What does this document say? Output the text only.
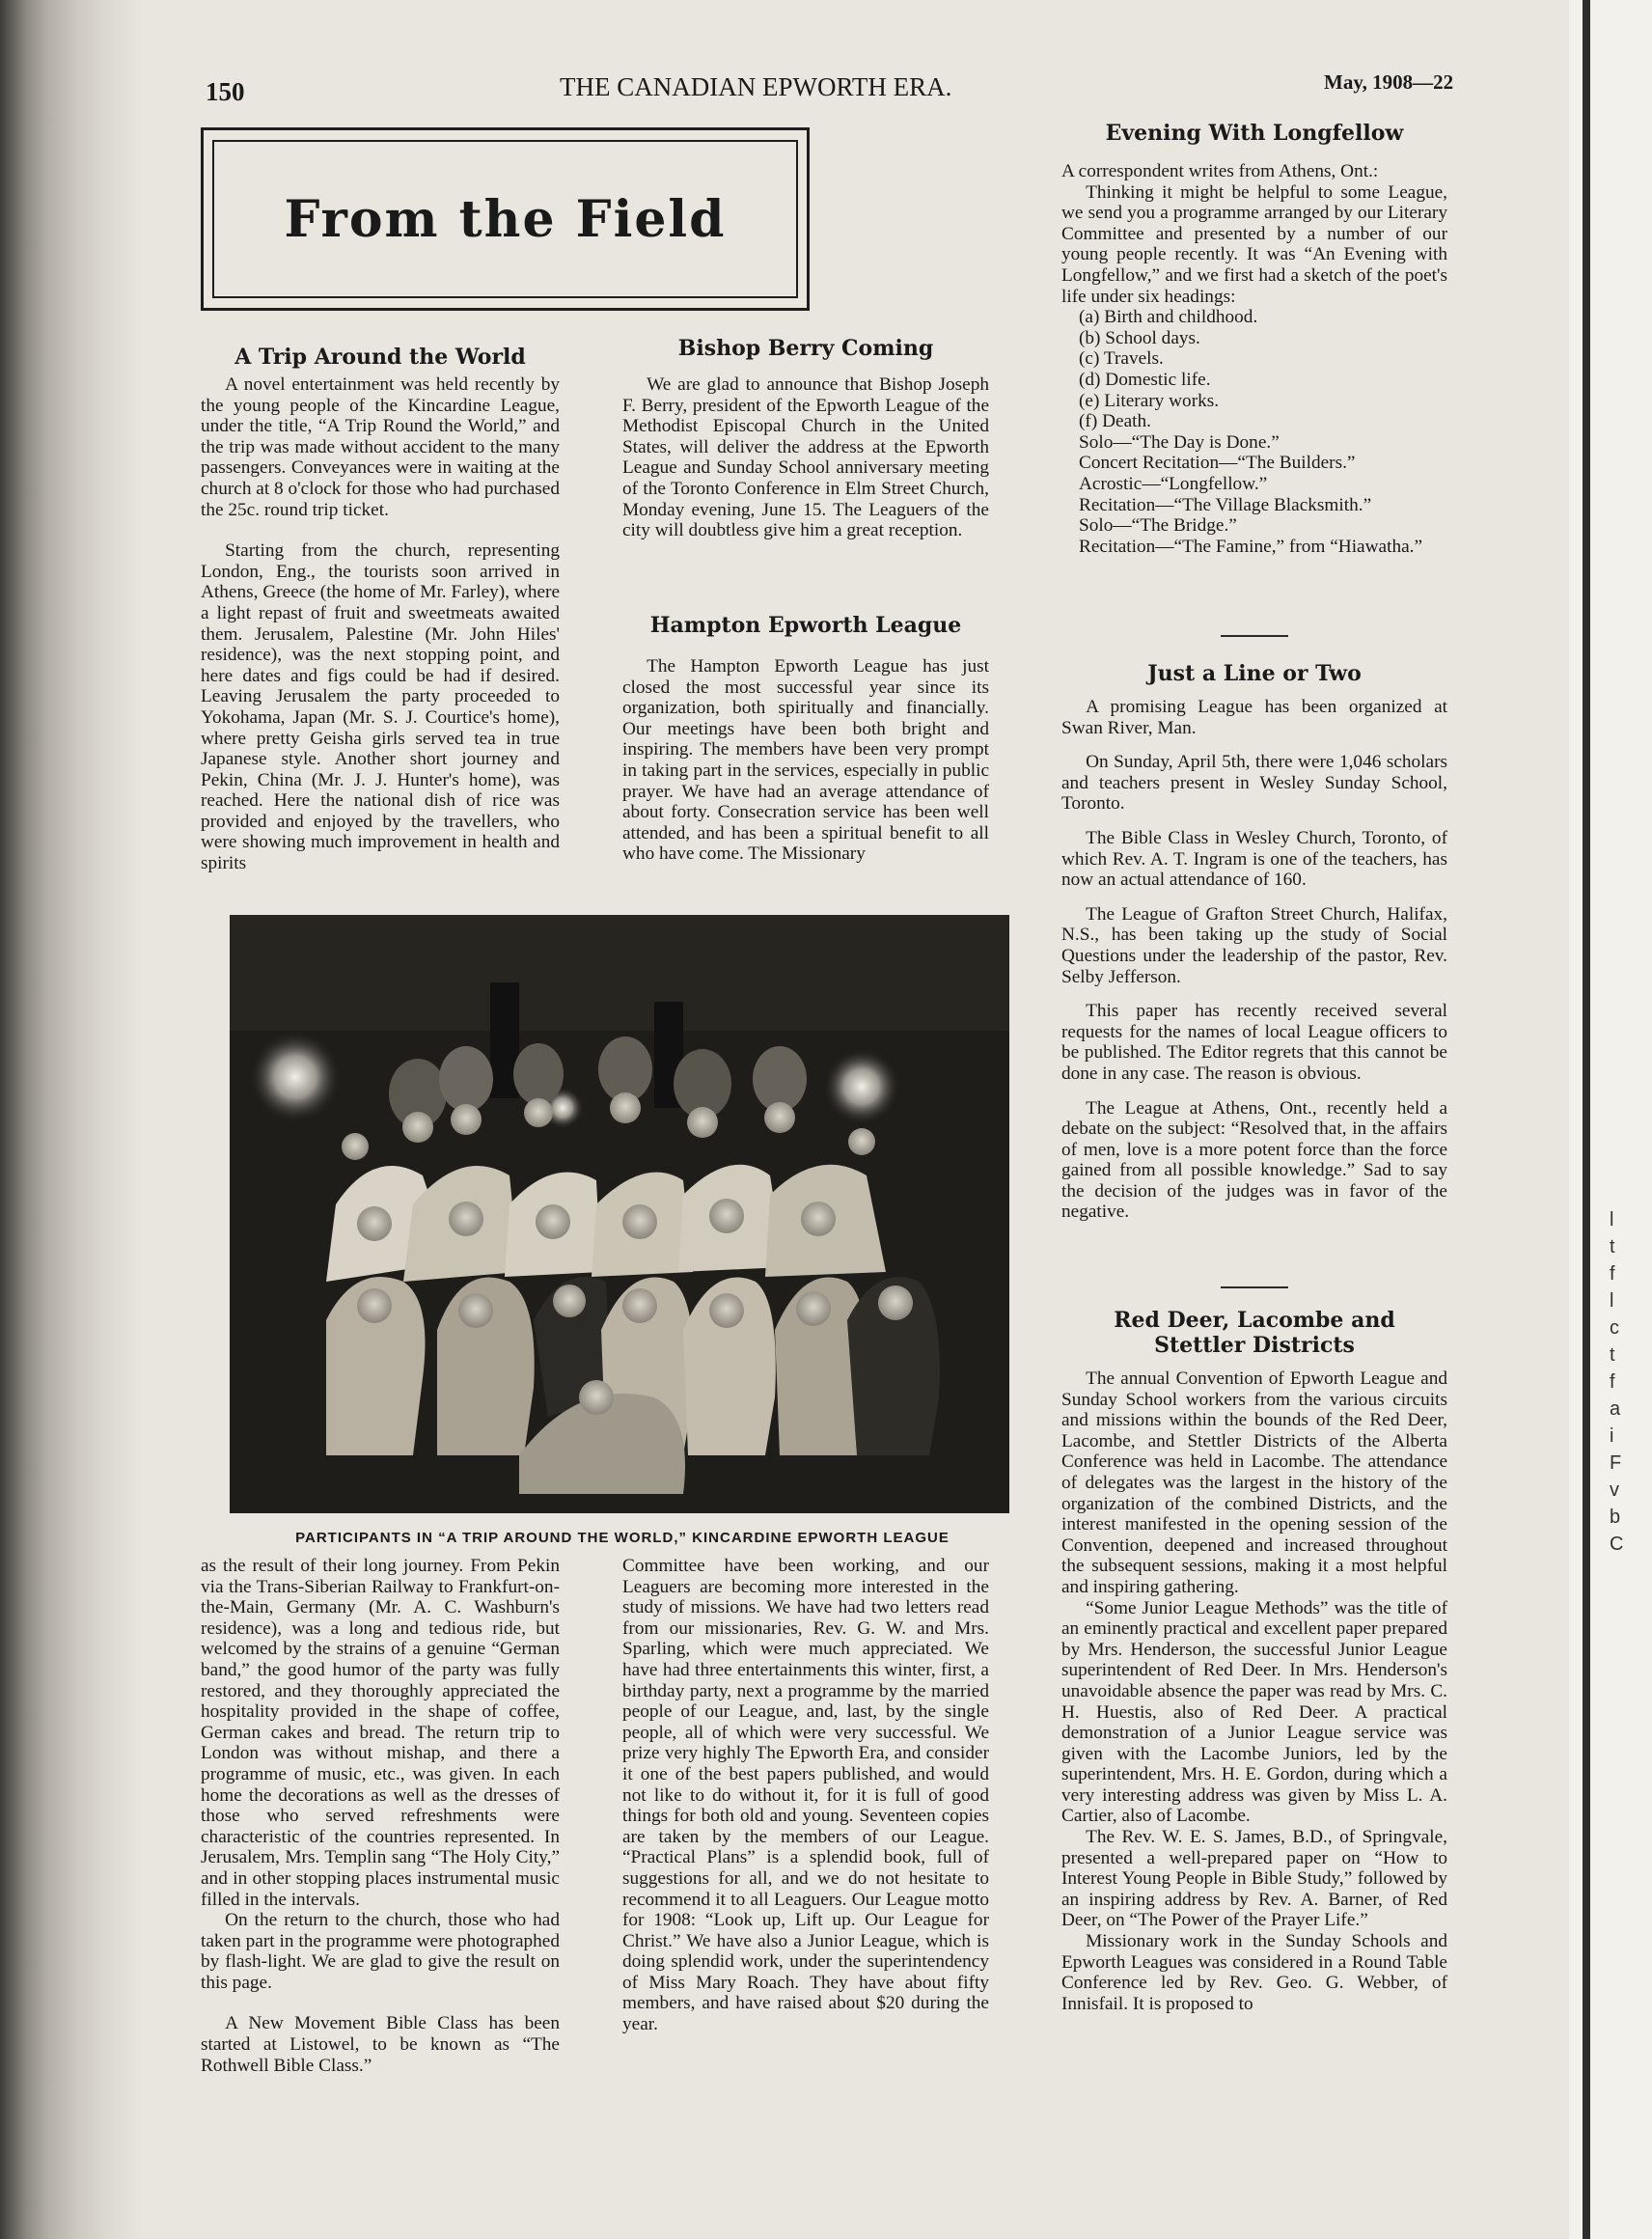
l
t
f
l
c
t
f
a
i
F
v
b
C
150	THE CANADIAN EPWORTH ERA.	May, 1908—22
From the Field
A Trip Around the World

A novel entertainment was held recently by the young people of the Kincardine League, under the title, “A Trip Round the World,” and the trip was made without accident to the many passengers. Conveyances were in waiting at the church at 8 o'clock for those who had purchased the 25c. round trip ticket.

Starting from the church, representing London, Eng., the tourists soon arrived in Athens, Greece (the home of Mr. Farley), where a light repast of fruit and sweetmeats awaited them. Jerusalem, Palestine (Mr. John Hiles' residence), was the next stopping point, and here dates and figs could be had if desired. Leaving Jerusalem the party proceeded to Yokohama, Japan (Mr. S. J. Courtice's home), where pretty Geisha girls served tea in true Japanese style. Another short journey and Pekin, China (Mr. J. J. Hunter's home), was reached. Here the national dish of rice was provided and enjoyed by the travellers, who were showing much improvement in health and spirits

Bishop Berry Coming

We are glad to announce that Bishop Joseph F. Berry, president of the Epworth League of the Methodist Episcopal Church in the United States, will deliver the address at the Epworth League and Sunday School anniversary meeting of the Toronto Conference in Elm Street Church, Monday evening, June 15. The Leaguers of the city will doubtless give him a great reception.

Hampton Epworth League

The Hampton Epworth League has just closed the most successful year since its organization, both spiritually and financially. Our meetings have been both bright and inspiring. The members have been very prompt in taking part in the services, especially in public prayer. We have had an average attendance of about forty. Consecration service has been well attended, and has been a spiritual benefit to all who have come. The Missionary

Evening With Longfellow

A correspondent writes from Athens, Ont.:

Thinking it might be helpful to some League, we send you a programme arranged by our Literary Committee and presented by a number of our young people recently. It was “An Evening with Longfellow,” and we first had a sketch of the poet's life under six headings:

(a) Birth and childhood.
(b) School days.
(c) Travels.
(d) Domestic life.
(e) Literary works.
(f) Death.
Solo—“The Day is Done.”
Concert Recitation—“The Builders.”
Acrostic—“Longfellow.”
Recitation—“The Village Blacksmith.”
Solo—“The Bridge.”

Recitation—“The Famine,” from “Hiawatha.”

Just a Line or Two

A promising League has been organized at Swan River, Man.

On Sunday, April 5th, there were 1,046 scholars and teachers present in Wesley Sunday School, Toronto.

The Bible Class in Wesley Church, Toronto, of which Rev. A. T. Ingram is one of the teachers, has now an actual attendance of 160.

The League of Grafton Street Church, Halifax, N.S., has been taking up the study of Social Questions under the leadership of the pastor, Rev. Selby Jefferson.

This paper has recently received several requests for the names of local League officers to be published. The Editor regrets that this cannot be done in any case. The reason is obvious.

The League at Athens, Ont., recently held a debate on the subject: “Resolved that, in the affairs of men, love is a more potent force than the force gained from all possible knowledge.” Sad to say the decision of the judges was in favor of the negative.

Red Deer, Lacombe and
Stettler Districts

The annual Convention of Epworth League and Sunday School workers from the various circuits and missions within the bounds of the Red Deer, Lacombe, and Stettler Districts of the Alberta Conference was held in Lacombe. The attendance of delegates was the largest in the history of the organization of the combined Districts, and the interest manifested in the opening session of the Convention, deepened and increased throughout the subsequent sessions, making it a most helpful and inspiring gathering.

“Some Junior League Methods” was the title of an eminently practical and excellent paper prepared by Mrs. Henderson, the successful Junior League superintendent of Red Deer. In Mrs. Henderson's unavoidable absence the paper was read by Mrs. C. H. Huestis, also of Red Deer. A practical demonstration of a Junior League service was given with the Lacombe Juniors, led by the superintendent, Mrs. H. E. Gordon, during which a very interesting address was given by Miss L. A. Cartier, also of Lacombe.

The Rev. W. E. S. James, B.D., of Springvale, presented a well-prepared paper on “How to Interest Young People in Bible Study,” followed by an inspiring address by Rev. A. Barner, of Red Deer, on “The Power of the Prayer Life.”

Missionary work in the Sunday Schools and Epworth Leagues was considered in a Round Table Conference led by Rev. Geo. G. Webber, of Innisfail. It is proposed to

PARTICIPANTS IN “A TRIP AROUND THE WORLD,” KINCARDINE EPWORTH LEAGUE

as the result of their long journey. From Pekin via the Trans-Siberian Railway to Frankfurt-on-the-Main, Germany (Mr. A. C. Washburn's residence), was a long and tedious ride, but welcomed by the strains of a genuine “German band,” the good humor of the party was fully restored, and they thoroughly appreciated the hospitality provided in the shape of coffee, German cakes and bread. The return trip to London was without mishap, and there a programme of music, etc., was given. In each home the decorations as well as the dresses of those who served refreshments were characteristic of the countries represented. In Jerusalem, Mrs. Templin sang “The Holy City,” and in other stopping places instrumental music filled in the intervals.

On the return to the church, those who had taken part in the programme were photographed by flash-light. We are glad to give the result on this page.

A New Movement Bible Class has been started at Listowel, to be known as “The Rothwell Bible Class.”

Committee have been working, and our Leaguers are becoming more interested in the study of missions. We have had two letters read from our missionaries, Rev. G. W. and Mrs. Sparling, which were much appreciated. We have had three entertainments this winter, first, a birthday party, next a programme by the married people of our League, and, last, by the single people, all of which were very successful. We prize very highly The Epworth Era, and consider it one of the best papers published, and would not like to do without it, for it is full of good things for both old and young. Seventeen copies are taken by the members of our League. “Practical Plans” is a splendid book, full of suggestions for all, and we do not hesitate to recommend it to all Leaguers. Our League motto for 1908: “Look up, Lift up. Our League for Christ.” We have also a Junior League, which is doing splendid work, under the superintendency of Miss Mary Roach. They have about fifty members, and have raised about $20 during the year.
